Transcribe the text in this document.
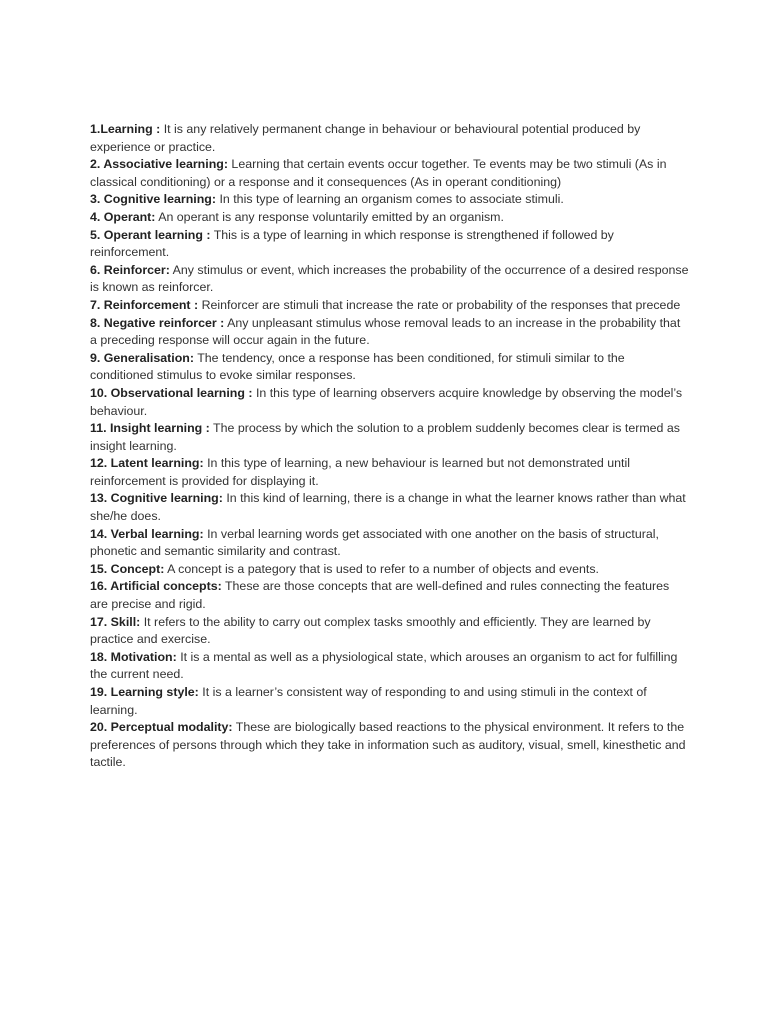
1.Learning : It is any relatively permanent change in behaviour or behavioural potential produced by experience or practice.

2. Associative learning: Learning that certain events occur together. Te events may be two stimuli (As in classical conditioning) or a response and it consequences (As in operant conditioning)

3. Cognitive learning: In this type of learning an organism comes to associate stimuli.

4. Operant: An operant is any response voluntarily emitted by an organism.

5. Operant learning : This is a type of learning in which response is strengthened if followed by reinforcement.

6. Reinforcer: Any stimulus or event, which increases the probability of the occurrence of a desired response is known as reinforcer.

7. Reinforcement : Reinforcer are stimuli that increase the rate or probability of the responses that precede

8. Negative reinforcer : Any unpleasant stimulus whose removal leads to an increase in the probability that a preceding response will occur again in the future.

9. Generalisation: The tendency, once a response has been conditioned, for stimuli similar to the conditioned stimulus to evoke similar responses.

10. Observational learning : In this type of learning observers acquire knowledge by observing the model’s behaviour.

11. Insight learning : The process by which the solution to a problem suddenly becomes clear is termed as insight learning.

12. Latent learning: In this type of learning, a new behaviour is learned but not demonstrated until reinforcement is provided for displaying it.

13. Cognitive learning: In this kind of learning, there is a change in what the learner knows rather than what she/he does.

14. Verbal learning: In verbal learning words get associated with one another on the basis of structural, phonetic and semantic similarity and contrast.

15. Concept: A concept is a pategory that is used to refer to a number of objects and events.

16. Artificial concepts: These are those concepts that are well-defined and rules connecting the features are precise and rigid.

17. Skill: It refers to the ability to carry out complex tasks smoothly and efficiently. They are learned by practice and exercise.

18. Motivation: It is a mental as well as a physiological state, which arouses an organism to act for fulfilling the current need.

19. Learning style: It is a learner’s consistent way of responding to and using stimuli in the context of learning.

20. Perceptual modality: These are biologically based reactions to the physical environment. It refers to the preferences of persons through which they take in information such as auditory, visual, smell, kinesthetic and tactile.
